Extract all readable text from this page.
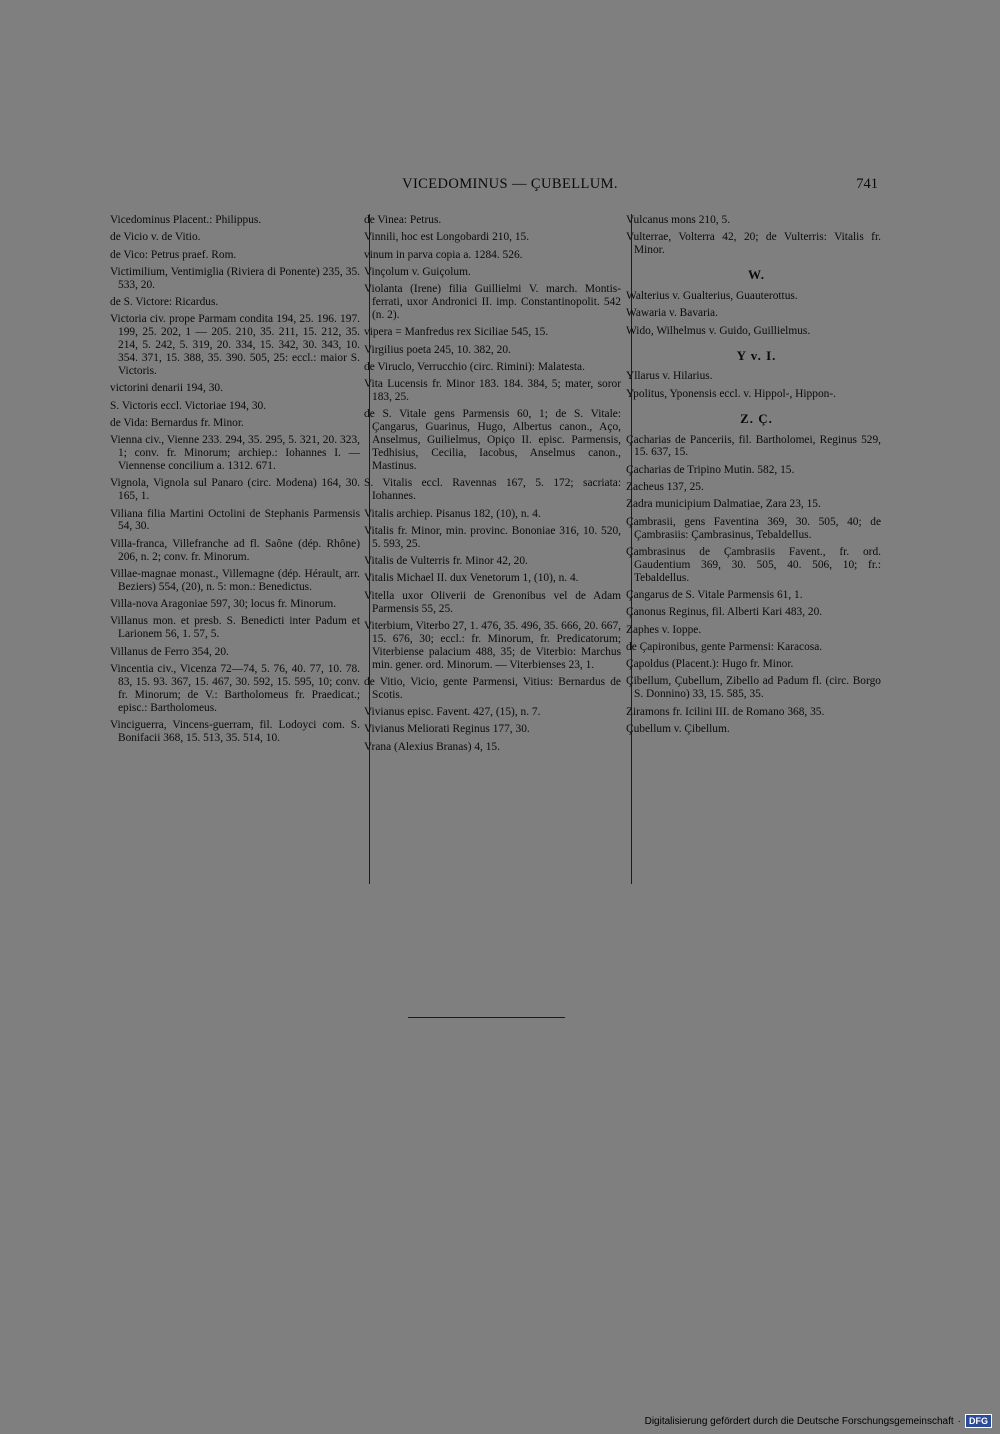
VICEDOMINUS — ÇUBELLUM.	741
Vicedominus Placent.: Philippus.
de Vicio v. de Vitio.
de Vico: Petrus praef. Rom.
Victimilium, Ventimiglia (Riviera di Ponente) 235, 35. 533, 20.
de S. Victore: Ricardus.
Victoria civ. prope Parmam condita 194, 25. 196. 197. 199, 25. 202, 1 — 205. 210, 35. 211, 15. 212, 35. 214, 5. 242, 5. 319, 20. 334, 15. 342, 30. 343, 10. 354. 371, 15. 388, 35. 390. 505, 25: eccl.: maior S. Victoris.
victorini denarii 194, 30.
S. Victoris eccl. Victoriae 194, 30.
de Vida: Bernardus fr. Minor.
Vienna civ., Vienne 233. 294, 35. 295, 5. 321, 20. 323, 1; conv. fr. Minorum; archiep.: Iohannes I. — Viennense concilium a. 1312. 671.
Vignola, Vignola sul Panaro (circ. Modena) 164, 30. 165, 1.
Viliana filia Martini Octolini de Stephanis Parmensis 54, 30.
Villa-franca, Villefranche ad fl. Saône (dép. Rhône) 206, n. 2; conv. fr. Minorum.
Villae-magnae monast., Villemagne (dép. Hérault, arr. Beziers) 554, (20), n. 5: mon.: Benedictus.
Villa-nova Aragoniae 597, 30; locus fr. Minorum.
Villanus mon. et presb. S. Benedicti inter Padum et Larionem 56, 1. 57, 5.
Villanus de Ferro 354, 20.
Vincentia civ., Vicenza 72—74, 5. 76, 40. 77, 10. 78. 83, 15. 93. 367, 15. 467, 30. 592, 15. 595, 10; conv. fr. Minorum; de V.: Bartholomeus fr. Praedicat.; episc.: Bartholomeus.
Vinciguerra, Vincens-guerram, fil. Lodoyci com. S. Bonifacii 368, 15. 513, 35. 514, 10.
de Vinea: Petrus.
Vinnili, hoc est Longobardi 210, 15.
vinum in parva copia a. 1284. 526.
Vinçolum v. Guiçolum.
Violanta (Irene) filia Guillielmi V. march. Montis-ferrati, uxor Andronici II. imp. Constantinopolit. 542 (n. 2).
vipera = Manfredus rex Siciliae 545, 15.
Virgilius poeta 245, 10. 382, 20.
de Viruclo, Verrucchio (circ. Rimini): Malatesta.
Vita Lucensis fr. Minor 183. 184. 384, 5; mater, soror 183, 25.
de S. Vitale gens Parmensis 60, 1; de S. Vitale: Çangarus, Guarinus, Hugo, Albertus canon., Aço, Anselmus, Guilielmus, Opiço II. episc. Parmensis, Tedhisius, Cecilia, Iacobus, Anselmus canon., Mastinus.
S. Vitalis eccl. Ravennas 167, 5. 172; sacriata: Iohannes.
Vitalis archiep. Pisanus 182, (10), n. 4.
Vitalis fr. Minor, min. provinc. Bononiae 316, 10. 520, 5. 593, 25.
Vitalis de Vulterris fr. Minor 42, 20.
Vitalis Michael II. dux Venetorum 1, (10), n. 4.
Vitella uxor Oliverii de Grenonibus vel de Adam Parmensis 55, 25.
Viterbium, Viterbo 27, 1. 476, 35. 496, 35. 666, 20. 667, 15. 676, 30; eccl.: fr. Minorum, fr. Predicatorum; Viterbiense palacium 488, 35; de Viterbio: Marchus min. gener. ord. Minorum. — Viterbienses 23, 1.
de Vitio, Vicio, gente Parmensi, Vitius: Bernardus de Scotis.
Vivianus episc. Favent. 427, (15), n. 7.
Vivianus Meliorati Reginus 177, 30.
Vrana (Alexius Branas) 4, 15.
Vulcanus mons 210, 5.
Vulterrae, Volterra 42, 20; de Vulterris: Vitalis fr. Minor.
W.
Walterius v. Gualterius, Guauterottus.
Wawaria v. Bavaria.
Wido, Wilhelmus v. Guido, Guillielmus.
Y v. I.
Yllarus v. Hilarius.
Ypolitus, Yponensis eccl. v. Hippol-, Hippon-.
Z. Ç.
Çacharias de Panceriis, fil. Bartholomei, Reginus 529, 15. 637, 15.
Çacharias de Tripino Mutin. 582, 15.
Zacheus 137, 25.
Zadra municipium Dalmatiae, Zara 23, 15.
Çambrasii, gens Faventina 369, 30. 505, 40; de Çambrasiis: Çambrasinus, Tebaldellus.
Çambrasinus de Çambrasiis Favent., fr. ord. Gaudentium 369, 30. 505, 40. 506, 10; fr.: Tebaldellus.
Çangarus de S. Vitale Parmensis 61, 1.
Çanonus Reginus, fil. Alberti Kari 483, 20.
Zaphes v. Ioppe.
de Çapironibus, gente Parmensi: Karacosa.
Çapoldus (Placent.): Hugo fr. Minor.
Çibellum, Çubellum, Zibello ad Padum fl. (circ. Borgo S. Donnino) 33, 15. 585, 35.
Ziramons fr. Icilini III. de Romano 368, 35.
Çubellum v. Çibellum.
Digitalisierung gefördert durch die Deutsche Forschungsgemeinschaft · DFG
